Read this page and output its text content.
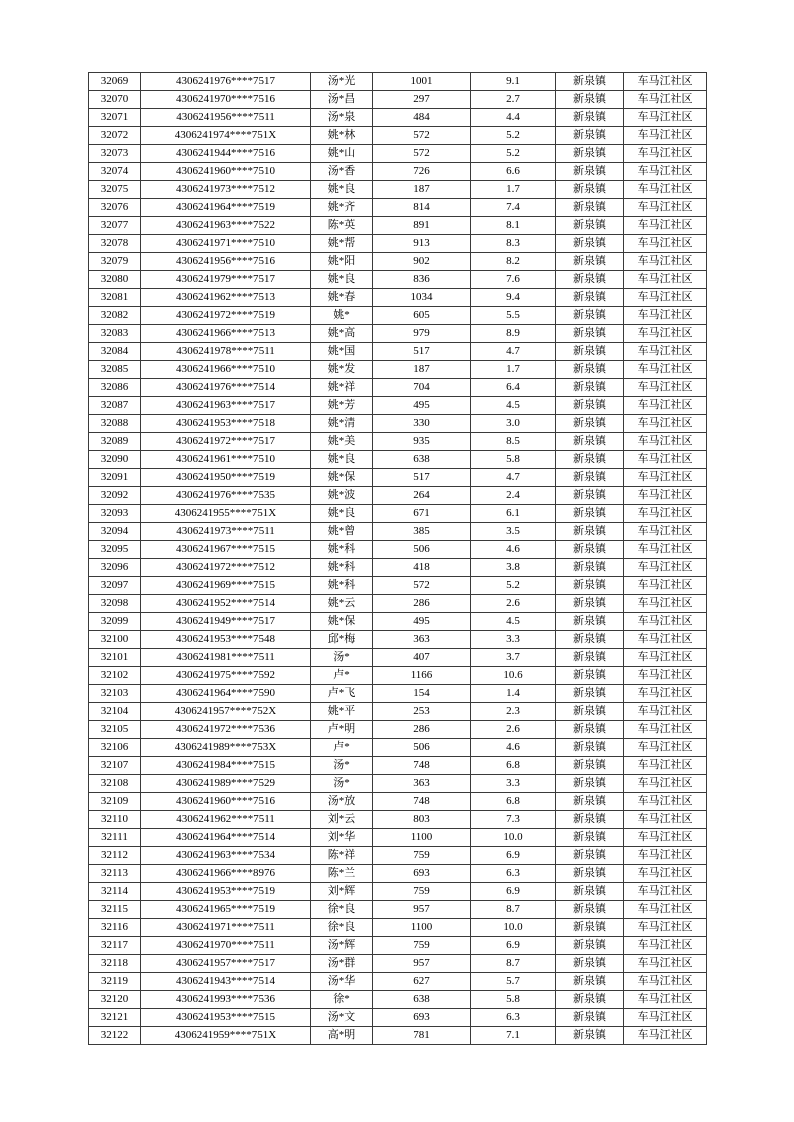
32069	4306241976****7517	汤*光	1001	9.1	新泉镇	车马江社区
32070	4306241970****7516	汤*昌	297	2.7	新泉镇	车马江社区
32071	4306241956****7511	汤*泉	484	4.4	新泉镇	车马江社区
32072	4306241974****751X	姚*林	572	5.2	新泉镇	车马江社区
32073	4306241944****7516	姚*山	572	5.2	新泉镇	车马江社区
32074	4306241960****7510	汤*香	726	6.6	新泉镇	车马江社区
32075	4306241973****7512	姚*良	187	1.7	新泉镇	车马江社区
32076	4306241964****7519	姚*齐	814	7.4	新泉镇	车马江社区
32077	4306241963****7522	陈*英	891	8.1	新泉镇	车马江社区
32078	4306241971****7510	姚*帮	913	8.3	新泉镇	车马江社区
32079	4306241956****7516	姚*阳	902	8.2	新泉镇	车马江社区
32080	4306241979****7517	姚*良	836	7.6	新泉镇	车马江社区
32081	4306241962****7513	姚*春	1034	9.4	新泉镇	车马江社区
32082	4306241972****7519	姚*	605	5.5	新泉镇	车马江社区
32083	4306241966****7513	姚*高	979	8.9	新泉镇	车马江社区
32084	4306241978****7511	姚*国	517	4.7	新泉镇	车马江社区
32085	4306241966****7510	姚*发	187	1.7	新泉镇	车马江社区
32086	4306241976****7514	姚*祥	704	6.4	新泉镇	车马江社区
32087	4306241963****7517	姚*芳	495	4.5	新泉镇	车马江社区
32088	4306241953****7518	姚*清	330	3.0	新泉镇	车马江社区
32089	4306241972****7517	姚*美	935	8.5	新泉镇	车马江社区
32090	4306241961****7510	姚*良	638	5.8	新泉镇	车马江社区
32091	4306241950****7519	姚*保	517	4.7	新泉镇	车马江社区
32092	4306241976****7535	姚*波	264	2.4	新泉镇	车马江社区
32093	4306241955****751X	姚*良	671	6.1	新泉镇	车马江社区
32094	4306241973****7511	姚*曾	385	3.5	新泉镇	车马江社区
32095	4306241967****7515	姚*科	506	4.6	新泉镇	车马江社区
32096	4306241972****7512	姚*科	418	3.8	新泉镇	车马江社区
32097	4306241969****7515	姚*科	572	5.2	新泉镇	车马江社区
32098	4306241952****7514	姚*云	286	2.6	新泉镇	车马江社区
32099	4306241949****7517	姚*保	495	4.5	新泉镇	车马江社区
32100	4306241953****7548	邱*梅	363	3.3	新泉镇	车马江社区
32101	4306241981****7511	汤*	407	3.7	新泉镇	车马江社区
32102	4306241975****7592	卢*	1166	10.6	新泉镇	车马江社区
32103	4306241964****7590	卢*飞	154	1.4	新泉镇	车马江社区
32104	4306241957****752X	姚*平	253	2.3	新泉镇	车马江社区
32105	4306241972****7536	卢*明	286	2.6	新泉镇	车马江社区
32106	4306241989****753X	卢*	506	4.6	新泉镇	车马江社区
32107	4306241984****7515	汤*	748	6.8	新泉镇	车马江社区
32108	4306241989****7529	汤*	363	3.3	新泉镇	车马江社区
32109	4306241960****7516	汤*放	748	6.8	新泉镇	车马江社区
32110	4306241962****7511	刘*云	803	7.3	新泉镇	车马江社区
32111	4306241964****7514	刘*华	1100	10.0	新泉镇	车马江社区
32112	4306241963****7534	陈*祥	759	6.9	新泉镇	车马江社区
32113	4306241966****8976	陈*兰	693	6.3	新泉镇	车马江社区
32114	4306241953****7519	刘*辉	759	6.9	新泉镇	车马江社区
32115	4306241965****7519	徐*良	957	8.7	新泉镇	车马江社区
32116	4306241971****7511	徐*良	1100	10.0	新泉镇	车马江社区
32117	4306241970****7511	汤*辉	759	6.9	新泉镇	车马江社区
32118	4306241957****7517	汤*群	957	8.7	新泉镇	车马江社区
32119	4306241943****7514	汤*华	627	5.7	新泉镇	车马江社区
32120	4306241993****7536	徐*	638	5.8	新泉镇	车马江社区
32121	4306241953****7515	汤*文	693	6.3	新泉镇	车马江社区
32122	4306241959****751X	高*明	781	7.1	新泉镇	车马江社区
